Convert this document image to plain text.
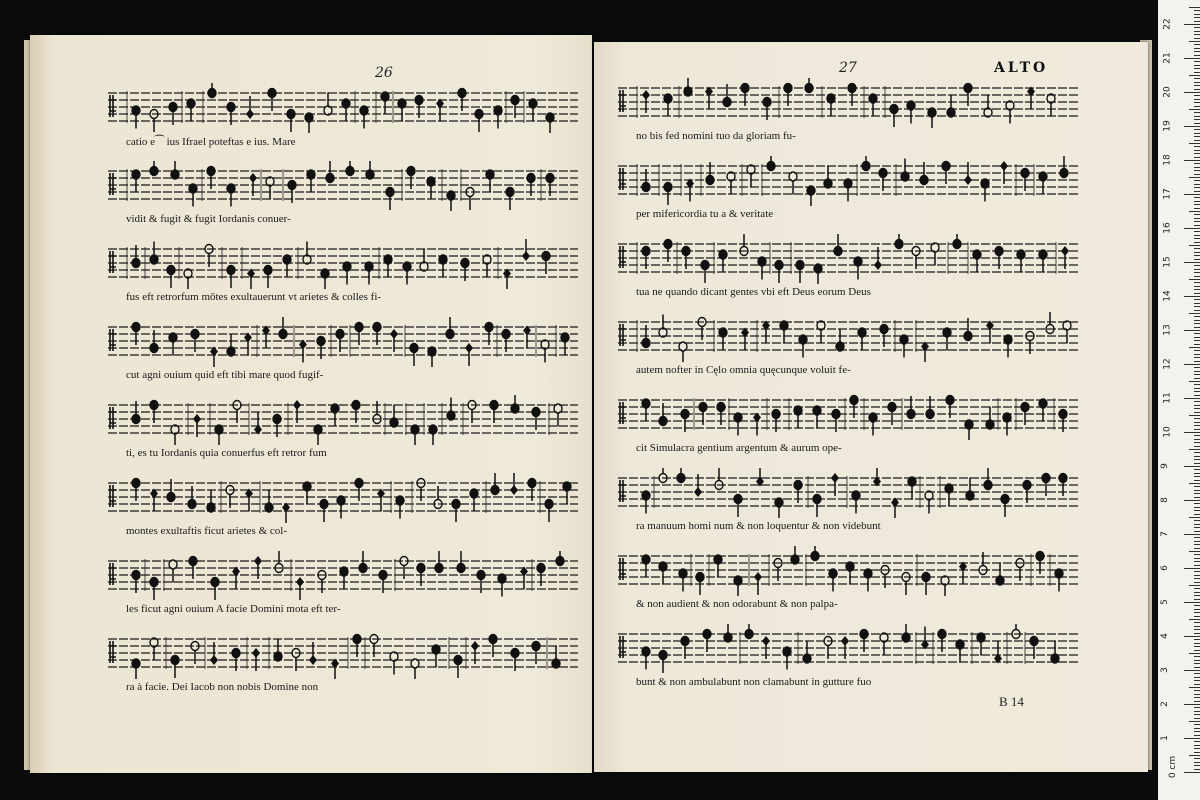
26
catio e⁀ ius Ifrael poteftas e ius. Mare
vidit & fugit & fugit Iordanis conuer-
fus eft retrorfum mōtes exultauerunt vt arietes & colles fi-
cut agni ouium quid eft tibi mare quod fugif-
ti, es tu Iordanis quia conuerfus eft retror fum
montes exultaftis ficut arietes & col-
les ficut agni ouium A facie Domini mota eft ter-
ra à facie. Dei Iacob non nobis Domine non
27	ALTO
no bis fed nomini tuo da gloriam fu-
per mifericordia tu a & veritate
tua ne quando dicant gentes vbi eft Deus eorum Deus
autem nofter in Cęlo omnia quęcunque voluit fe-
cit Simulacra gentium argentum & aurum ope-
ra manuum homi num & non loquentur & non videbunt
& non audient & non odorabunt & non palpa-
bunt & non ambulabunt non clamabunt in gutture fuo
B 14
0 cm
1
2
3
4
5
6
7
8
9
10
11
12
13
14
15
16
17
18
19
20
21
22
